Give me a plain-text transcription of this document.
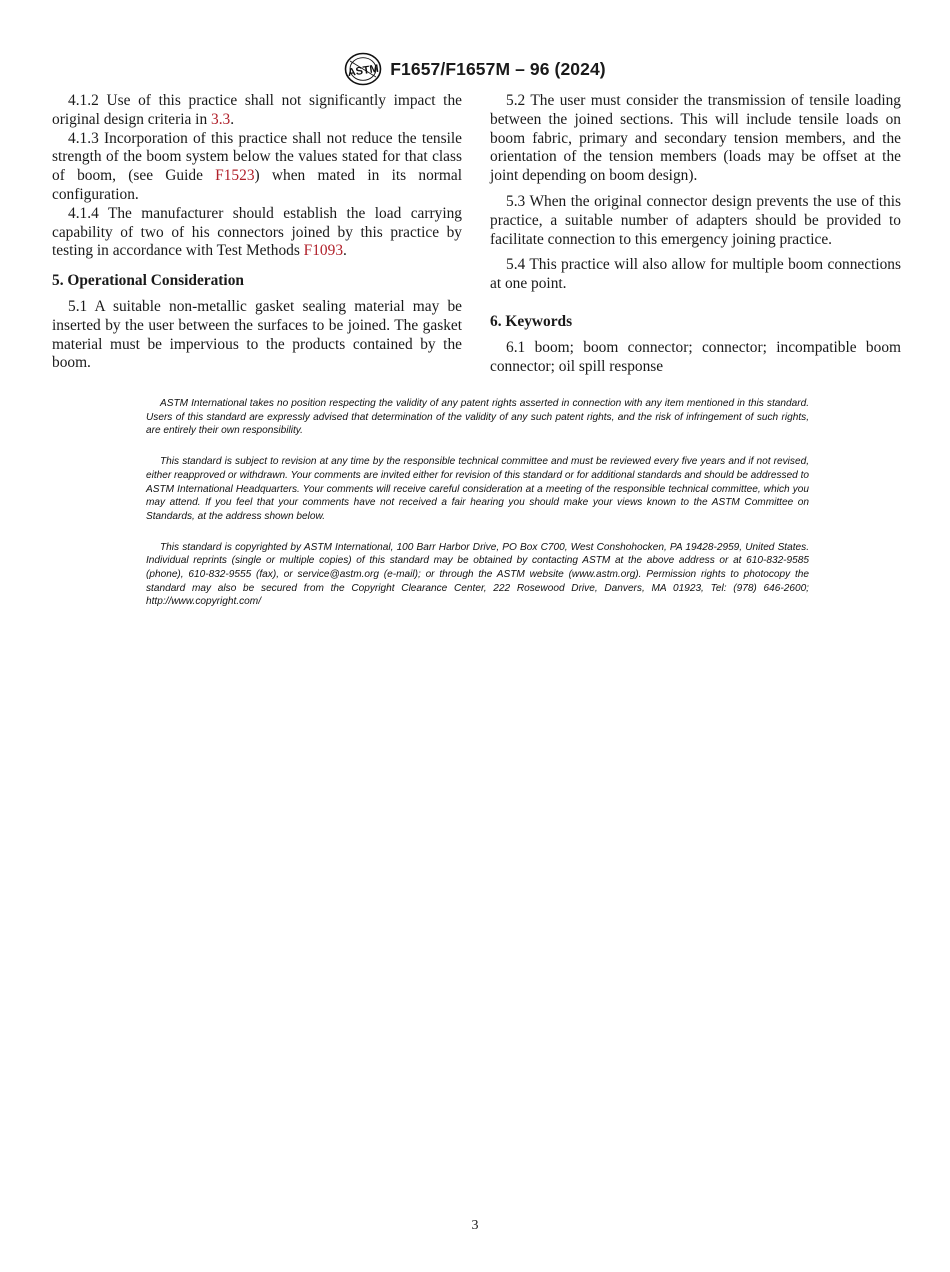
ASTM F1657/F1657M – 96 (2024)

4.1.2 Use of this practice shall not significantly impact the original design criteria in 3.3.

4.1.3 Incorporation of this practice shall not reduce the tensile strength of the boom system below the values stated for that class of boom, (see Guide F1523) when mated in its normal configuration.

4.1.4 The manufacturer should establish the load carrying capability of two of his connectors joined by this practice by testing in accordance with Test Methods F1093.

5. Operational Consideration

5.1 A suitable non-metallic gasket sealing material may be inserted by the user between the surfaces to be joined. The gasket material must be impervious to the products contained by the boom.

5.2 The user must consider the transmission of tensile loading between the joined sections. This will include tensile loads on boom fabric, primary and secondary tension members, and the orientation of the tension members (loads may be offset at the joint depending on boom design).

5.3 When the original connector design prevents the use of this practice, a suitable number of adapters should be provided to facilitate connection to this emergency joining practice.

5.4 This practice will also allow for multiple boom connections at one point.

6. Keywords

6.1 boom; boom connector; connector; incompatible boom connector; oil spill response

ASTM International takes no position respecting the validity of any patent rights asserted in connection with any item mentioned in this standard. Users of this standard are expressly advised that determination of the validity of any such patent rights, and the risk of infringement of such rights, are entirely their own responsibility.

This standard is subject to revision at any time by the responsible technical committee and must be reviewed every five years and if not revised, either reapproved or withdrawn. Your comments are invited either for revision of this standard or for additional standards and should be addressed to ASTM International Headquarters. Your comments will receive careful consideration at a meeting of the responsible technical committee, which you may attend. If you feel that your comments have not received a fair hearing you should make your views known to the ASTM Committee on Standards, at the address shown below.

This standard is copyrighted by ASTM International, 100 Barr Harbor Drive, PO Box C700, West Conshohocken, PA 19428-2959, United States. Individual reprints (single or multiple copies) of this standard may be obtained by contacting ASTM at the above address or at 610-832-9585 (phone), 610-832-9555 (fax), or service@astm.org (e-mail); or through the ASTM website (www.astm.org). Permission rights to photocopy the standard may also be secured from the Copyright Clearance Center, 222 Rosewood Drive, Danvers, MA 01923, Tel: (978) 646-2600; http://www.copyright.com/

3
